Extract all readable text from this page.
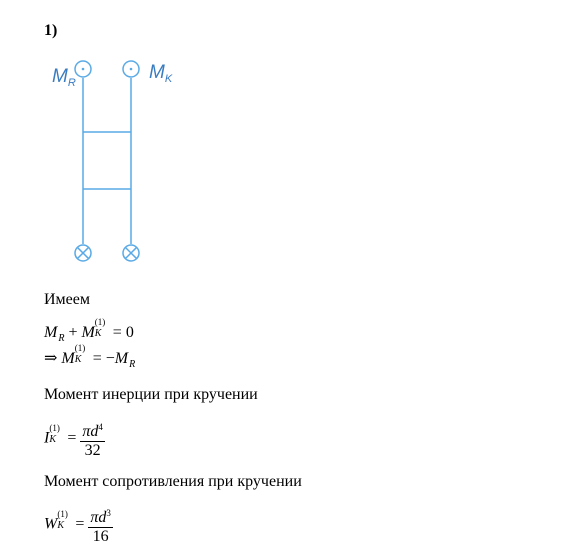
1)
$M_R$	$M_K$
Имеем
$M_R + M$
(1)
K = 0
⇒ M
(1)
$K = -M_R$
Момент инерции при кручении
I
(1)
$K = \frac{\pi d^4}{32}$
Момент сопротивления при кручении
W
(1)
$K = \frac{\pi d^3}{16}$
